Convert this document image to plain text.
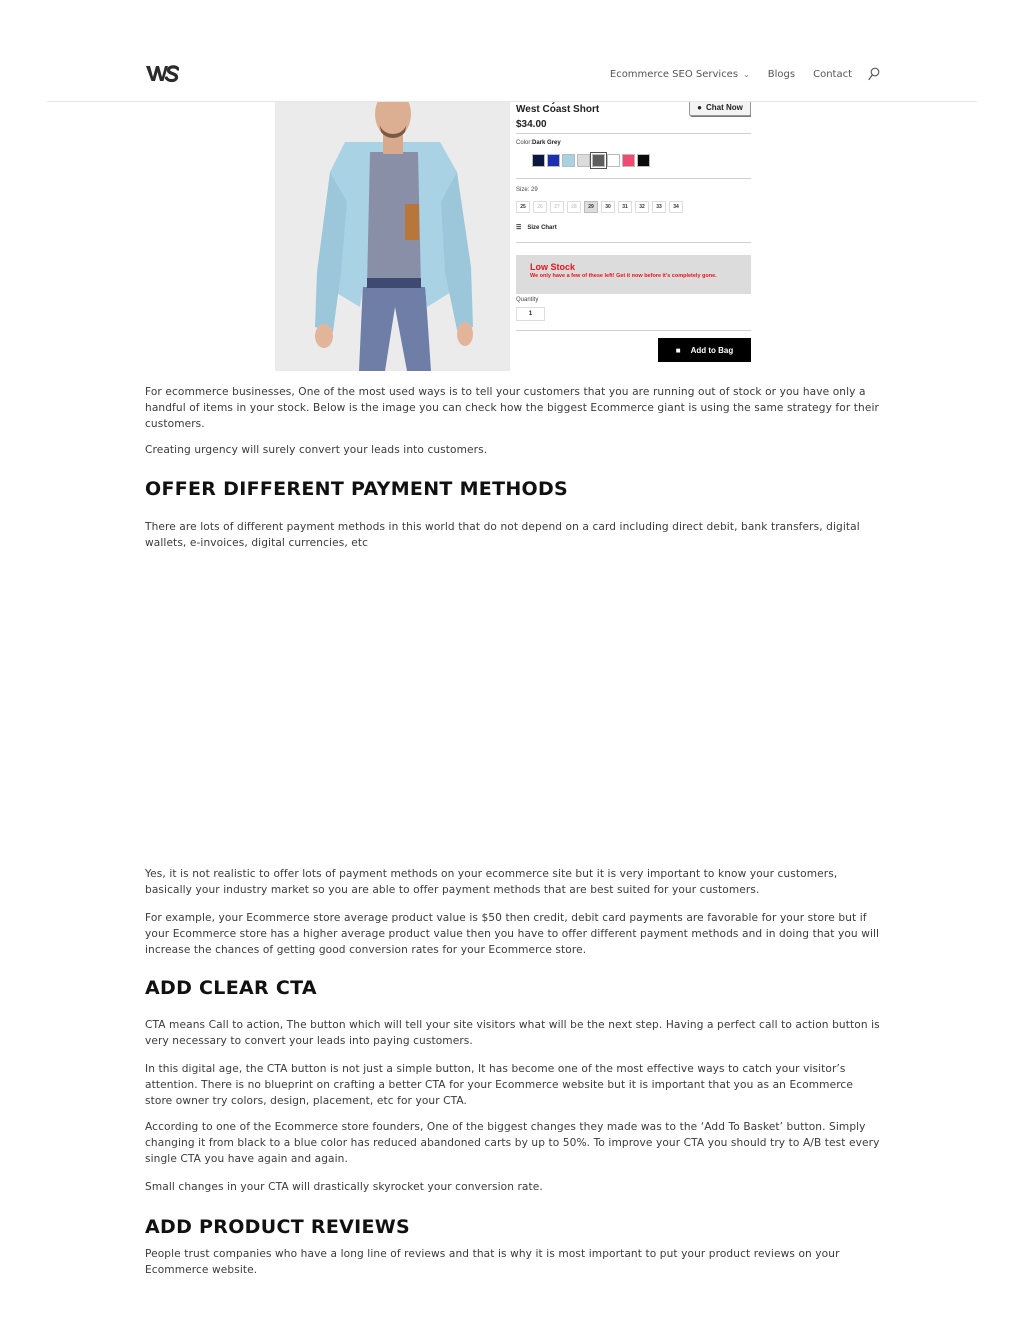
Ecommerce SEO Services ⌄ Blogs Contact
West Coast Short
$34.00
● Chat Now
Color:Dark Grey
Size: 29
25	26	27	28	29	30	31	32	33	34
☰ Size Chart
Low Stock
We only have a few of these left! Get it now before it's completely gone.
Quantity
1
■ Add to Bag
For ecommerce businesses, One of the most used ways is to tell your customers that you are running out of stock or you have only a handful of items in your stock. Below is the image you can check how the biggest Ecommerce giant is using the same strategy for their customers.
Creating urgency will surely convert your leads into customers.
OFFER DIFFERENT PAYMENT METHODS
There are lots of different payment methods in this world that do not depend on a card including direct debit, bank transfers, digital wallets, e-invoices, digital currencies, etc
Yes, it is not realistic to offer lots of payment methods on your ecommerce site but it is very important to know your customers, basically your industry market so you are able to offer payment methods that are best suited for your customers.
For example, your Ecommerce store average product value is $50 then credit, debit card payments are favorable for your store but if your Ecommerce store has a higher average product value then you have to offer different payment methods and in doing that you will increase the chances of getting good conversion rates for your Ecommerce store.
ADD CLEAR CTA
CTA means Call to action, The button which will tell your site visitors what will be the next step. Having a perfect call to action button is very necessary to convert your leads into paying customers.
In this digital age, the CTA button is not just a simple button, It has become one of the most effective ways to catch your visitor’s attention. There is no blueprint on crafting a better CTA for your Ecommerce website but it is important that you as an Ecommerce store owner try colors, design, placement, etc for your CTA.
According to one of the Ecommerce store founders, One of the biggest changes they made was to the ‘Add To Basket’ button. Simply changing it from black to a blue color has reduced abandoned carts by up to 50%. To improve your CTA you should try to A/B test every single CTA you have again and again.
Small changes in your CTA will drastically skyrocket your conversion rate.
ADD PRODUCT REVIEWS
People trust companies who have a long line of reviews and that is why it is most important to put your product reviews on your Ecommerce website.
